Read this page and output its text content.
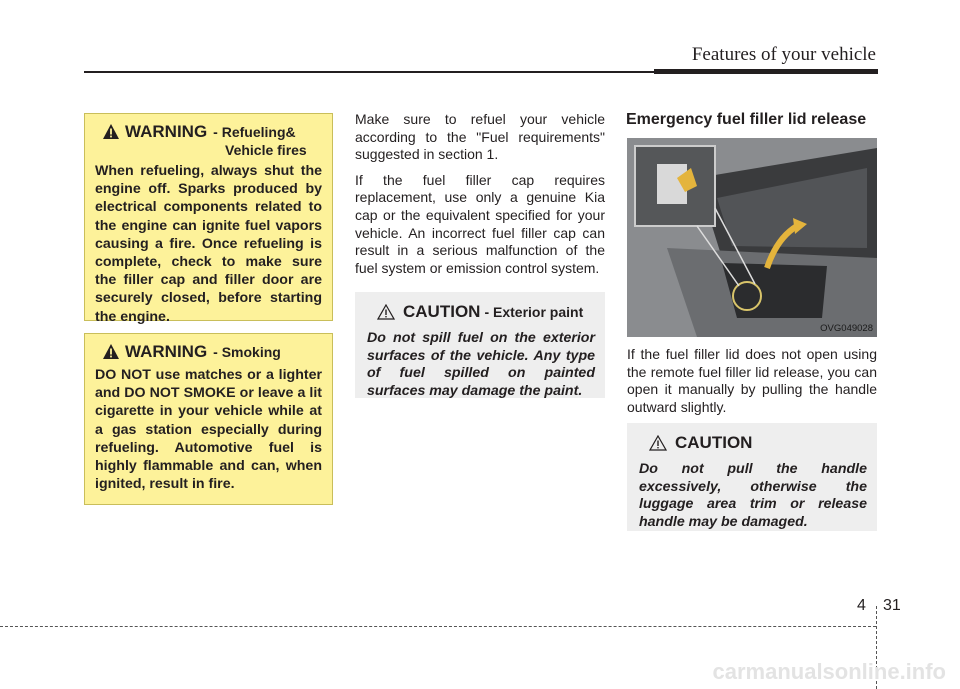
Features of your vehicle
WARNING - Refueling&
Vehicle fires
When refueling, always shut the engine off. Sparks produced by electrical components related to the engine can ignite fuel vapors causing a fire. Once refueling is complete, check to make sure the filler cap and filler door are securely closed, before starting the engine.
WARNING - Smoking
DO NOT use matches or a lighter and DO NOT SMOKE or leave a lit cigarette in your vehicle while at a gas station especially during refueling. Automotive fuel is highly flammable and can, when ignited, result in fire.

Make sure to refuel your vehicle according to the "Fuel requirements" suggested in section 1.

If the fuel filler cap requires replacement, use only a genuine Kia cap or the equivalent specified for your vehicle. An incorrect fuel filler cap can result in a serious malfunction of the fuel system or emission control system.

CAUTION - Exterior paint
Do not spill fuel on the exterior surfaces of the vehicle. Any type of fuel spilled on painted surfaces may damage the paint.
Emergency fuel filler lid release
OVG049028

If the fuel filler lid does not open using the remote fuel filler lid release, you can open it manually by pulling the handle outward slightly.

CAUTION
Do not pull the handle excessively, otherwise the luggage area trim or release handle may be damaged.
4 31
carmanualsonline.info
